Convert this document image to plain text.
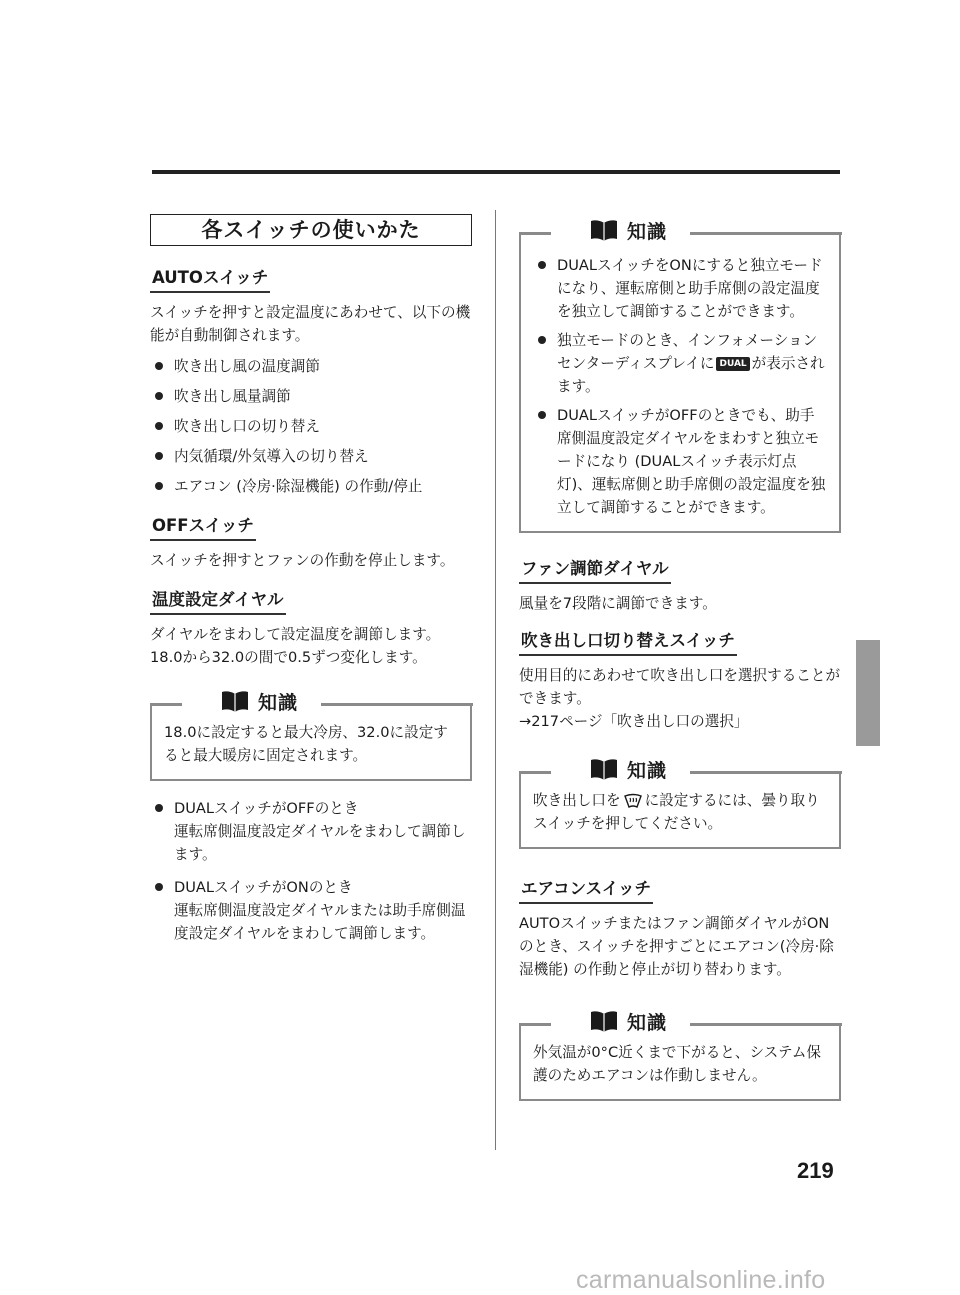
各スイッチの使いかた
AUTOスイッチ

スイッチを押すと設定温度にあわせて、以下の機能が自動制御されます。

吹き出し風の温度調節
吹き出し風量調節
吹き出し口の切り替え
内気循環/外気導入の切り替え
エアコン (冷房·除湿機能) の作動/停止
OFFスイッチ

スイッチを押すとファンの作動を停止します。

温度設定ダイヤル

ダイヤルをまわして設定温度を調節します。

18.0から32.0の間で0.5ずつ変化します。

知識

18.0に設定すると最大冷房、32.0に設定すると最大暖房に固定されます。

DUALスイッチがOFFのとき
運転席側温度設定ダイヤルをまわして調節します。
DUALスイッチがONのとき
運転席側温度設定ダイヤルまたは助手席側温度設定ダイヤルをまわして調節します。
知識
DUALスイッチをONにすると独立モードになり、運転席側と助手席側の設定温度を独立して調節することができます。
独立モードのとき、インフォメーションセンターディスプレイに DUAL が表示されます。
DUALスイッチがOFFのときでも、助手席側温度設定ダイヤルをまわすと独立モードになり (DUALスイッチ表示灯点灯)、運転席側と助手席側の設定温度を独立して調節することができます。
ファン調節ダイヤル

風量を7段階に調節できます。

吹き出し口切り替えスイッチ

使用目的にあわせて吹き出し口を選択することができます。

→217ページ「吹き出し口の選択」

知識

吹き出し口を に設定するには、曇り取りスイッチを押してください。

エアコンスイッチ

AUTOスイッチまたはファン調節ダイヤルがONのとき、スイッチを押すごとにエアコン(冷房·除湿機能) の作動と停止が切り替わります。

知識

外気温が0°C近くまで下がると、システム保護のためエアコンは作動しません。

219
carmanualsonline.info
